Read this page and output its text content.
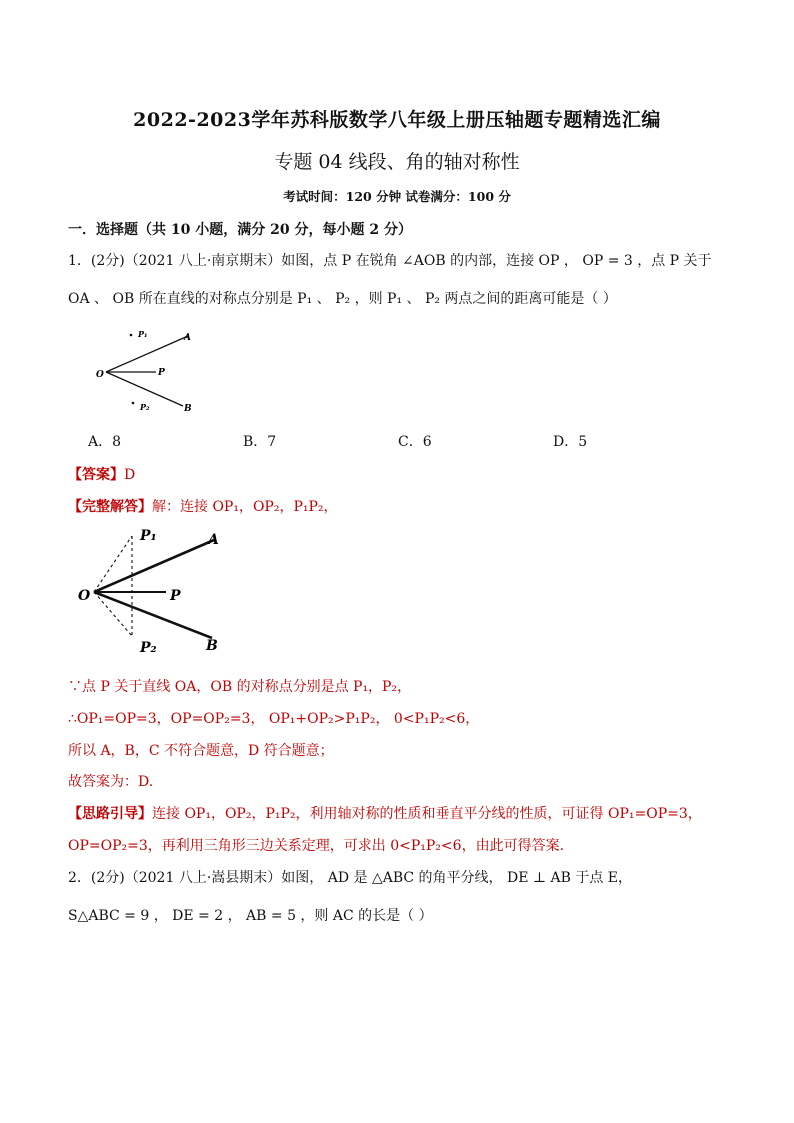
2022-2023学年苏科版数学八年级上册压轴题专题精选汇编
专题 04 线段、角的轴对称性
考试时间：120 分钟 试卷满分：100 分
一．选择题（共 10 小题，满分 20 分，每小题 2 分）
1．(2分)（2021 八上·南京期末）如图，点 P 在锐角 ∠AOB 的内部，连接 OP ， OP = 3 ，点 P 关于
OA 、 OB 所在直线的对称点分别是 P₁ 、 P₂ ，则 P₁ 、 P₂ 两点之间的距离可能是（ ）
P₁	A
O	P
P₂	B
A．8	B．7	C．6	D．5
【答案】D
【完整解答】解：连接 OP₁，OP₂，P₁P₂，
P₁	A
O	P
P₂	B
∵点 P 关于直线 OA，OB 的对称点分别是点 P₁，P₂，
∴OP₁=OP=3，OP=OP₂=3， OP₁+OP₂>P₁P₂， 0<P₁P₂<6，
所以 A，B，C 不符合题意，D 符合题意；
故答案为：D.
【思路引导】连接 OP₁，OP₂，P₁P₂，利用轴对称的性质和垂直平分线的性质，可证得 OP₁=OP=3，
OP=OP₂=3，再利用三角形三边关系定理，可求出 0<P₁P₂<6，由此可得答案.
2．(2分)（2021 八上·嵩县期末）如图， AD 是 △ABC 的角平分线， DE ⊥ AB 于点 E，
S△ABC = 9 ， DE = 2 ， AB = 5 ，则 AC 的长是（ ）
